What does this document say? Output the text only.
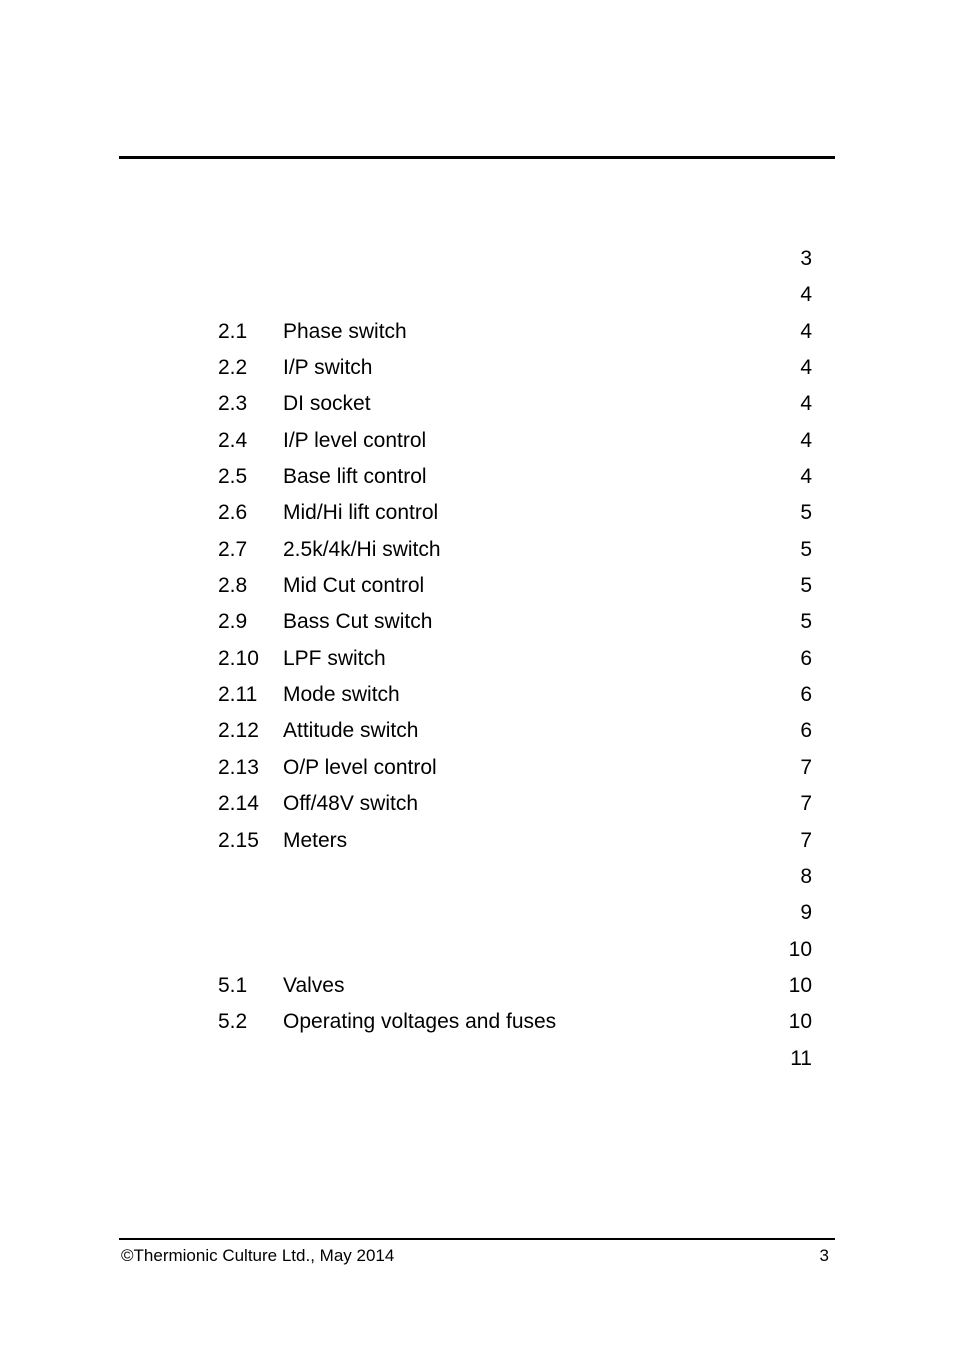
3
4
2.1 Phase switch	4
2.2 I/P switch	4
2.3 DI socket	4
2.4 I/P level control	4
2.5 Base lift control	4
2.6 Mid/Hi lift control	5
2.7 2.5k/4k/Hi switch	5
2.8 Mid Cut control	5
2.9 Bass Cut switch	5
2.10 LPF switch	6
2.11 Mode switch	6
2.12 Attitude switch	6
2.13 O/P level control	7
2.14 Off/48V switch	7
2.15 Meters	7
8
9
10
5.1 Valves	10
5.2 Operating voltages and fuses	10
11
©Thermionic Culture Ltd., May 2014	3
